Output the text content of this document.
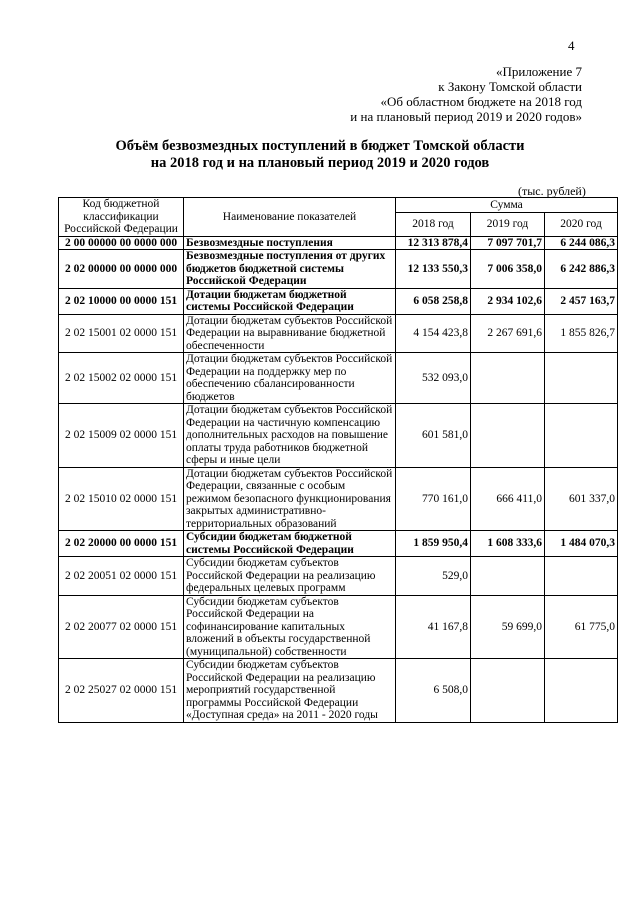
4
«Приложение 7
к Закону Томской области
«Об областном бюджете на 2018 год
и на плановый период 2019 и 2020 годов»
Объём безвозмездных поступлений в бюджет Томской области
на 2018 год и на плановый период 2019 и 2020 годов
(тыс. рублей)
Код бюджетной классификации Российской Федерации	Наименование показателей	Сумма		
		2018 год	2019 год	2020 год
2 00 00000 00 0000 000	Безвозмездные поступления	12 313 878,4	7 097 701,7	6 244 086,3
2 02 00000 00 0000 000	Безвозмездные поступления от других бюджетов бюджетной системы Российской Федерации	12 133 550,3	7 006 358,0	6 242 886,3
2 02 10000 00 0000 151	Дотации бюджетам бюджетной системы Российской Федерации	6 058 258,8	2 934 102,6	2 457 163,7
2 02 15001 02 0000 151	Дотации бюджетам субъектов Российской Федерации на выравнивание бюджетной обеспеченности	4 154 423,8	2 267 691,6	1 855 826,7
2 02 15002 02 0000 151	Дотации бюджетам субъектов Российской Федерации на поддержку мер по обеспечению сбалансированности бюджетов	532 093,0		
2 02 15009 02 0000 151	Дотации бюджетам субъектов Российской Федерации на частичную компенсацию дополнительных расходов на повышение оплаты труда работников бюджетной сферы и иные цели	601 581,0		
2 02 15010 02 0000 151	Дотации бюджетам субъектов Российской Федерации, связанные с особым режимом безопасного функционирования закрытых административно-территориальных образований	770 161,0	666 411,0	601 337,0
2 02 20000 00 0000 151	Субсидии бюджетам бюджетной системы Российской Федерации	1 859 950,4	1 608 333,6	1 484 070,3
2 02 20051 02 0000 151	Субсидии бюджетам субъектов Российской Федерации на реализацию федеральных целевых программ	529,0		
2 02 20077 02 0000 151	Субсидии бюджетам субъектов Российской Федерации на софинансирование капитальных вложений в объекты государственной (муниципальной) собственности	41 167,8	59 699,0	61 775,0
2 02 25027 02 0000 151	Субсидии бюджетам субъектов Российской Федерации на реализацию мероприятий государственной программы Российской Федерации «Доступная среда» на 2011 - 2020 годы	6 508,0		
